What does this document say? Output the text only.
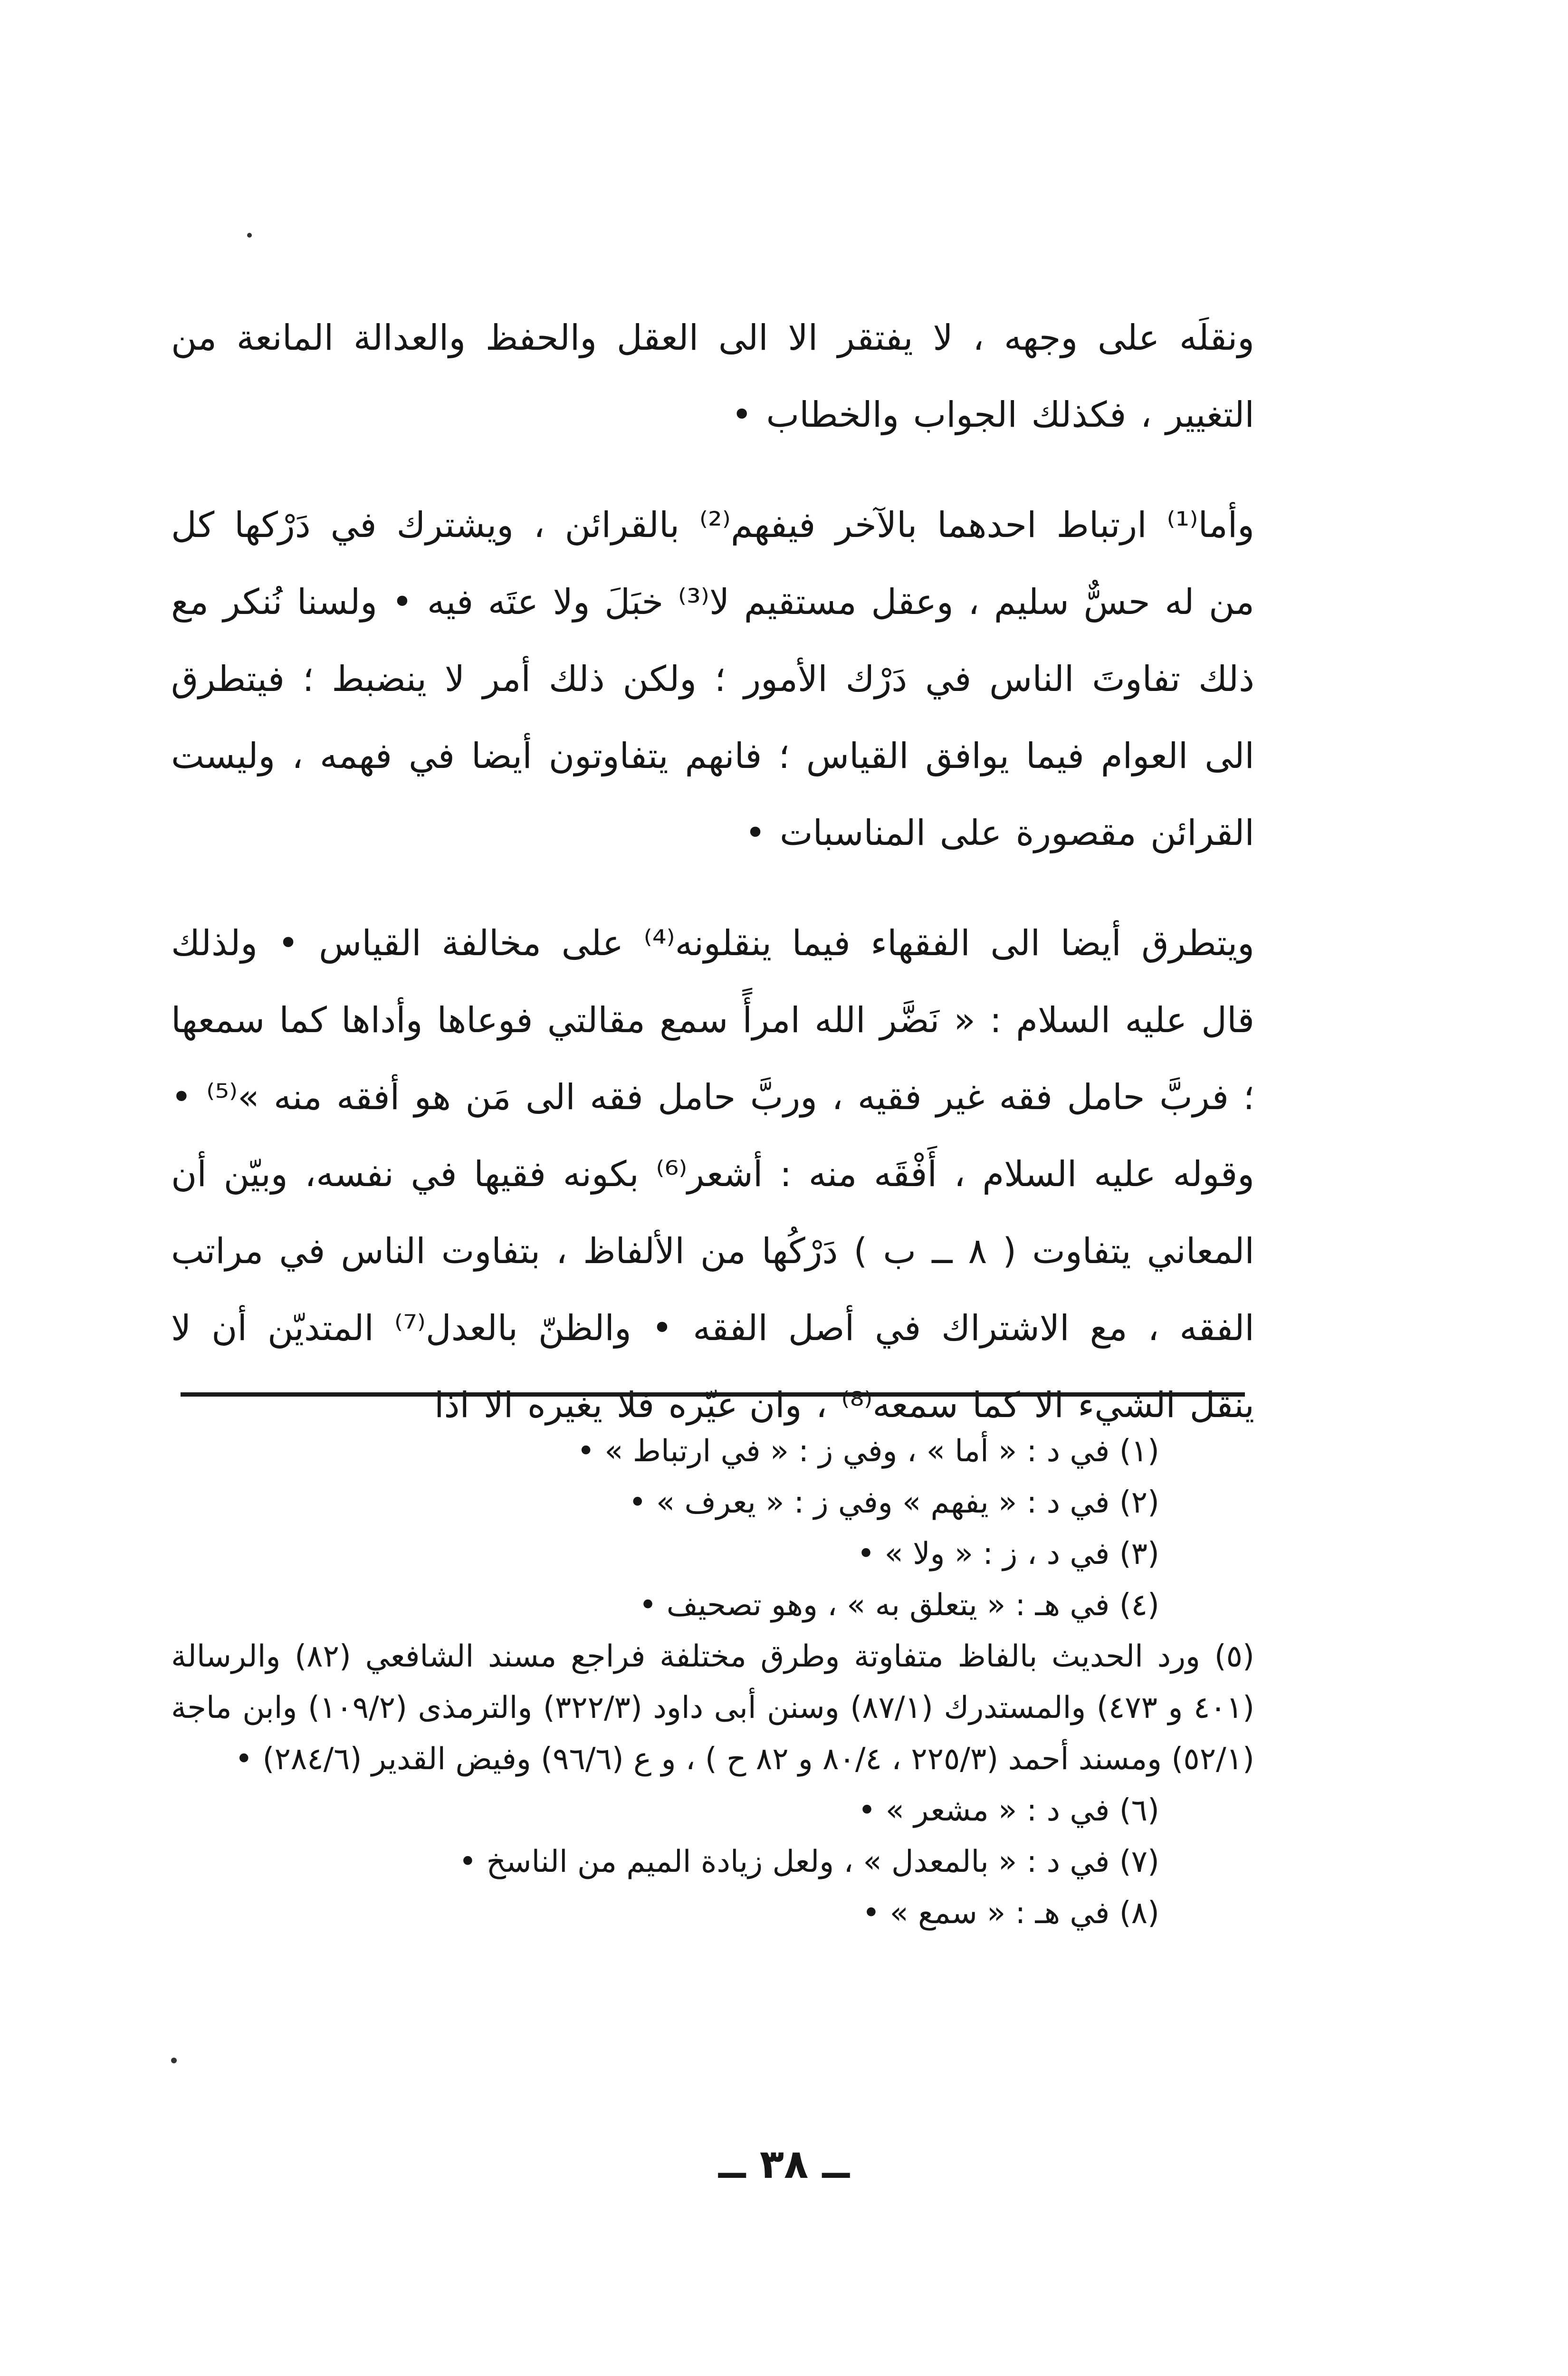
ونقلَه على وجهه ، لا يفتقر الا الى العقل والحفظ والعدالة المانعة من التغيير ، فكذلك الجواب والخطاب •

وأما⁽¹⁾ ارتباط احدهما بالآخر فيفهم⁽²⁾ بالقرائن ، ويشترك في دَرْكها كل من له حسٌّ سليم ، وعقل مستقيم لا⁽³⁾ خبَلَ ولا عتَه فيه • ولسنا نُنكر مع ذلك تفاوتَ الناس في دَرْك الأمور ؛ ولكن ذلك أمر لا ينضبط ؛ فيتطرق الى العوام فيما يوافق القياس ؛ فانهم يتفاوتون أيضا في فهمه ، وليست القرائن مقصورة على المناسبات •

ويتطرق أيضا الى الفقهاء فيما ينقلونه⁽⁴⁾ على مخالفة القياس • ولذلك قال عليه السلام : « نَضَّر الله امرأً سمع مقالتي فوعاها وأداها كما سمعها ؛ فربَّ حامل فقه غير فقيه ، وربَّ حامل فقه الى مَن هو أفقه منه »⁽⁵⁾ • وقوله عليه السلام ، أَفْقَه منه : أشعر⁽⁶⁾ بكونه فقيها في نفسه، وبيّن أن المعاني يتفاوت ( ٨ ــ ب ) دَرْكُها من الألفاظ ، بتفاوت الناس في مراتب الفقه ، مع الاشتراك في أصل الفقه • والظنّ بالعدل⁽⁷⁾ المتديّن أن لا ينقل الشيء الا كما سمعه⁽⁸⁾ ، وان غيّره فلا يغيره الا اذا

(١) في د : « أما » ، وفي ز : « في ارتباط » •

(٢) في د : « يفهم » وفي ز : « يعرف » •

(٣) في د ، ز : « ولا » •

(٤) في هـ : « يتعلق به » ، وهو تصحيف •

(٥) ورد الحديث بالفاظ متفاوتة وطرق مختلفة فراجع مسند الشافعي (٨٢) والرسالة (٤٠١ و ٤٧٣) والمستدرك (٨٧/١) وسنن أبى داود (٣٢٢/٣) والترمذى (١٠٩/٢) وابن ماجة (٥٢/١) ومسند أحمد (٢٢٥/٣ ، ٨٠/٤ و ٨٢ ح ) ، و ع (٩٦/٦) وفيض القدير (٢٨٤/٦) •

(٦) في د : « مشعر » •

(٧) في د : « بالمعدل » ، ولعل زيادة الميم من الناسخ •

(٨) في هـ : « سمع » •

ــ ٣٨ ــ
